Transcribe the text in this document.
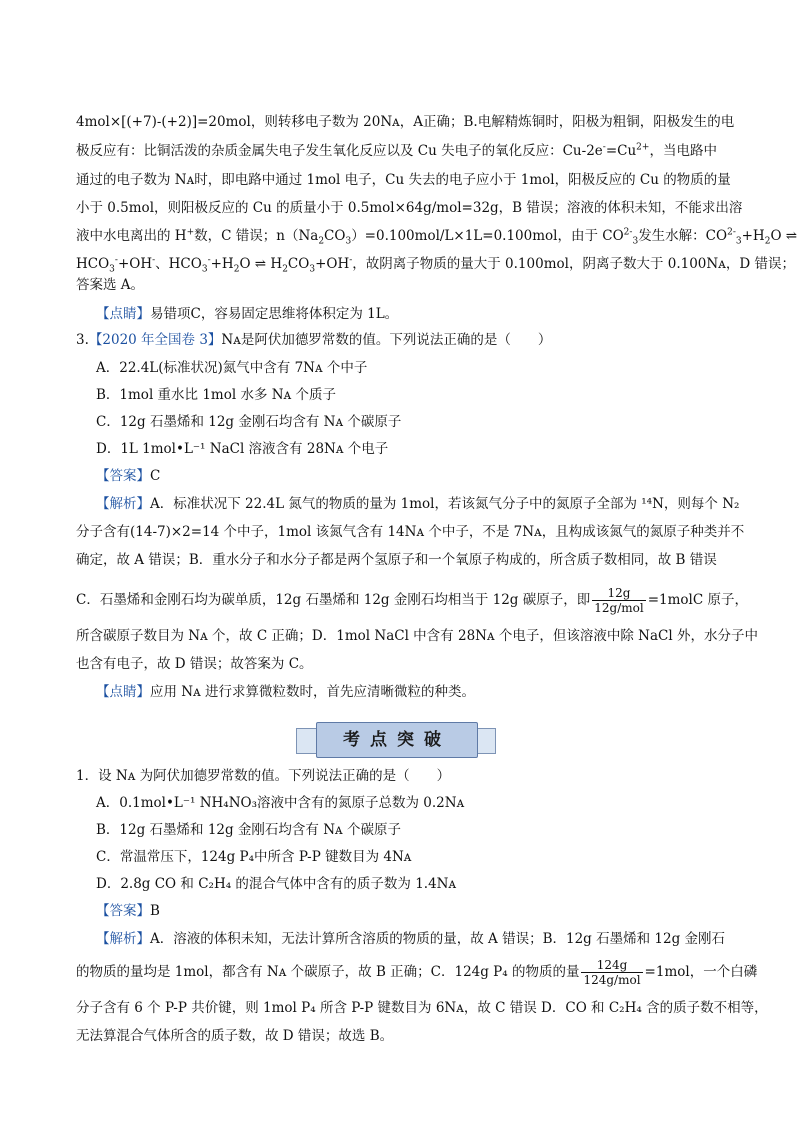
4mol×[(+7)-(+2)]=20mol，则转移电子数为 20Nᴀ，A正确；B.电解精炼铜时，阳极为粗铜，阳极发生的电
极反应有：比铜活泼的杂质金属失电子发生氧化反应以及 Cu 失电子的氧化反应：$Cu-2e^-=Cu^{2+}$，当电路中
通过的电子数为 Nᴀ时，即电路中通过 1mol 电子，Cu 失去的电子应小于 1mol，阳极反应的 Cu 的物质的量
小于 0.5mol，则阳极反应的 Cu 的质量小于 0.5mol×64g/mol=32g，B 错误；溶液的体积未知，不能求出溶
液中水电离出的 H+数，C 错误；$n(Na_2CO_3)=0.100mol/L\times 1L=0.100mol$，由于 $CO^{2-}_3$发生水解：$CO^{2-}_3+H_2O$ ⇌
$HCO_3^-+OH^-$、$HCO_3^-+H_2O$ ⇌ $H_2CO_3+OH^-$，故阴离子物质的量大于 0.100mol，阴离子数大于 0.100Nᴀ，D 错误；
答案选 A。
【点睛】易错项C，容易固定思维将体积定为 1L。
3.【2020 年全国卷 3】Nᴀ是阿伏加德罗常数的值。下列说法正确的是（　　）
A．22.4L(标准状况)氮气中含有 7Nᴀ 个中子
B．1mol 重水比 1mol 水多 Nᴀ 个质子
C．12g 石墨烯和 12g 金刚石均含有 Nᴀ 个碳原子
D．1L 1mol•L⁻¹ NaCl 溶液含有 28Nᴀ 个电子
【答案】C
【解析】A．标准状况下 22.4L 氮气的物质的量为 1mol，若该氮气分子中的氮原子全部为 ¹⁴N，则每个 N₂
分子含有(14-7)×2=14 个中子，1mol 该氮气含有 14Nᴀ 个中子，不是 7Nᴀ，且构成该氮气的氮原子种类并不
确定，故 A 错误；B．重水分子和水分子都是两个氢原子和一个氧原子构成的，所含质子数相同，故 B 错误
C．石墨烯和金刚石均为碳单质，12g 石墨烯和 12g 金刚石均相当于 12g 碳原子，即 $\frac{12g}{\text{12g/mol}}$ =1molC 原子，
所含碳原子数目为 Nᴀ 个，故 C 正确；D．1mol NaCl 中含有 28Nᴀ 个电子，但该溶液中除 NaCl 外，水分子中
也含有电子，故 D 错误；故答案为 C。
【点睛】应用 Nᴀ 进行求算微粒数时，首先应清晰微粒的种类。
考点突破
1．设 Nᴀ 为阿伏加德罗常数的值。下列说法正确的是（　　）
A．0.1mol•L⁻¹ NH₄NO₃溶液中含有的氮原子总数为 0.2Nᴀ
B．12g 石墨烯和 12g 金刚石均含有 Nᴀ 个碳原子
C．常温常压下，124g P₄中所含 P-P 键数目为 4Nᴀ
D．2.8g CO 和 C₂H₄ 的混合气体中含有的质子数为 1.4Nᴀ
【答案】B
【解析】A．溶液的体积未知，无法计算所含溶质的物质的量，故 A 错误；B．12g 石墨烯和 12g 金刚石
的物质的量均是 1mol，都含有 Nᴀ 个碳原子，故 B 正确；C．124g P₄ 的物质的量 $\frac{124g}{\text{124g/mol}} =1mol$，一个白磷
分子含有 6 个 P-P 共价键，则 1mol P₄ 所含 P-P 键数目为 6Nᴀ，故 C 错误 D．CO 和 C₂H₄ 含的质子数不相等，
无法算混合气体所含的质子数，故 D 错误；故选 B。
